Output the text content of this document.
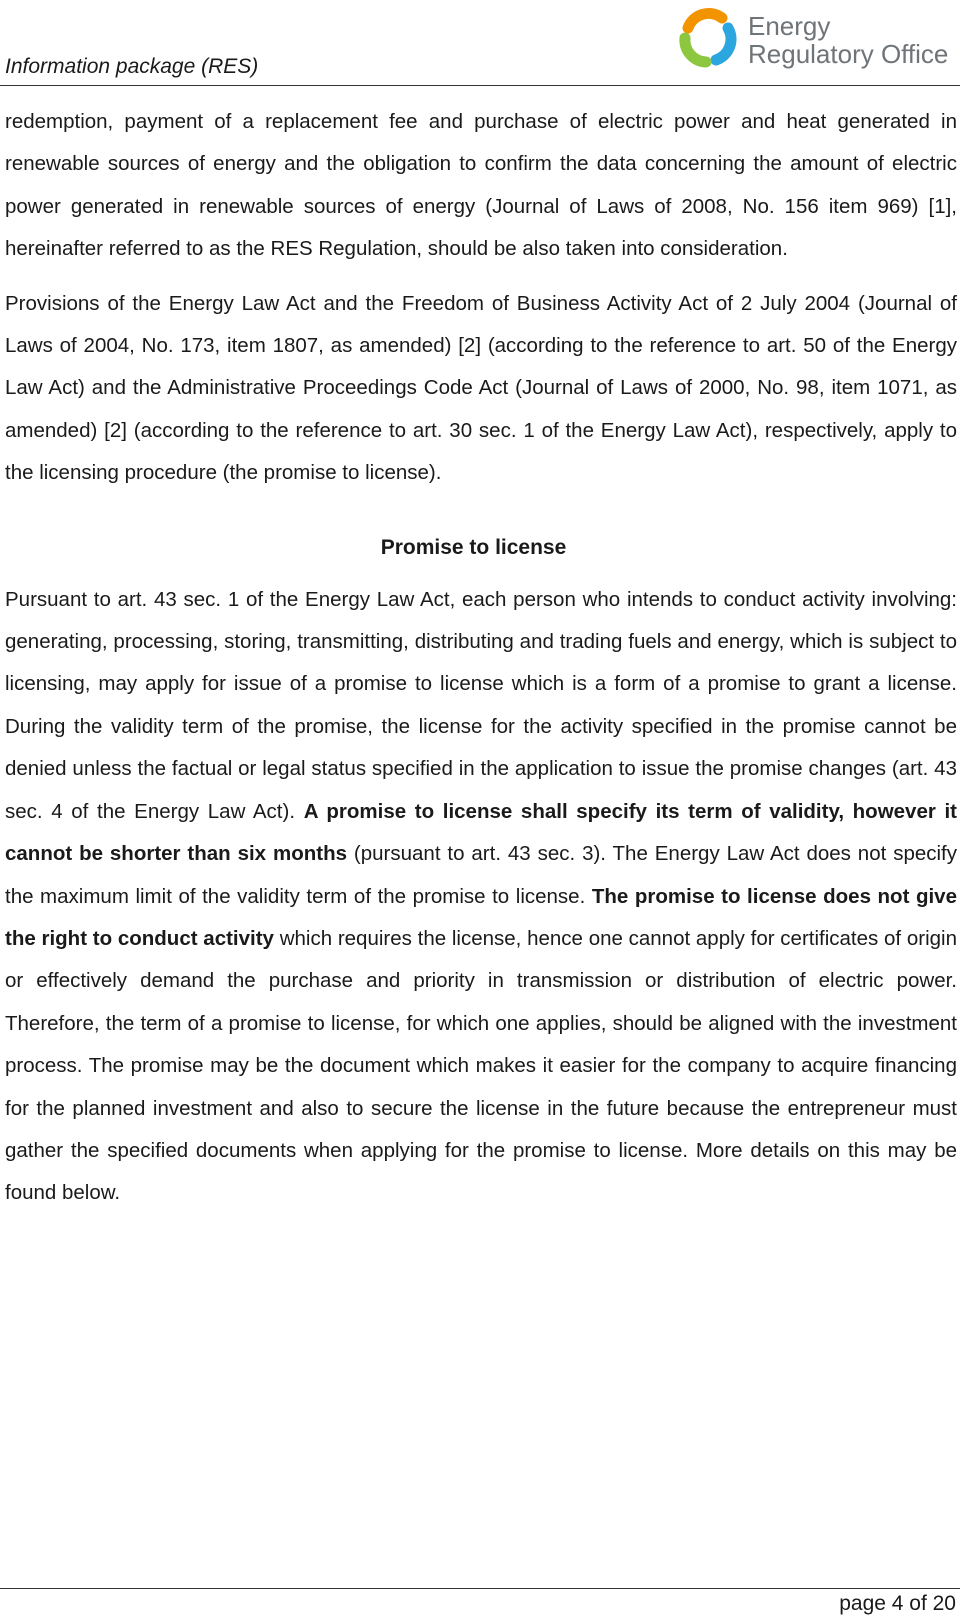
Information package (RES)
Energy
Regulatory Office

redemption, payment of a replacement fee and purchase of electric power and heat generated in renewable sources of energy and the obligation to confirm the data concerning the amount of electric power generated in renewable sources of energy (Journal of Laws of 2008, No. 156 item 969) [1], hereinafter referred to as the RES Regulation, should be also taken into consideration.

Provisions of the Energy Law Act and the Freedom of Business Activity Act of 2 July 2004 (Journal of Laws of 2004, No. 173, item 1807, as amended) [2] (according to the reference to art. 50 of the Energy Law Act) and the Administrative Proceedings Code Act (Journal of Laws of 2000, No. 98, item 1071, as amended) [2] (according to the reference to art. 30 sec. 1 of the Energy Law Act), respectively, apply to the licensing procedure (the promise to license).

Promise to license

Pursuant to art. 43 sec. 1 of the Energy Law Act, each person who intends to conduct activity involving: generating, processing, storing, transmitting, distributing and trading fuels and energy, which is subject to licensing, may apply for issue of a promise to license which is a form of a promise to grant a license. During the validity term of the promise, the license for the activity specified in the promise cannot be denied unless the factual or legal status specified in the application to issue the promise changes (art. 43 sec. 4 of the Energy Law Act). A promise to license shall specify its term of validity, however it cannot be shorter than six months (pursuant to art. 43 sec. 3). The Energy Law Act does not specify the maximum limit of the validity term of the promise to license. The promise to license does not give the right to conduct activity which requires the license, hence one cannot apply for certificates of origin or effectively demand the purchase and priority in transmission or distribution of electric power. Therefore, the term of a promise to license, for which one applies, should be aligned with the investment process. The promise may be the document which makes it easier for the company to acquire financing for the planned investment and also to secure the license in the future because the entrepreneur must gather the specified documents when applying for the promise to license. More details on this may be found below.

page 4 of 20
